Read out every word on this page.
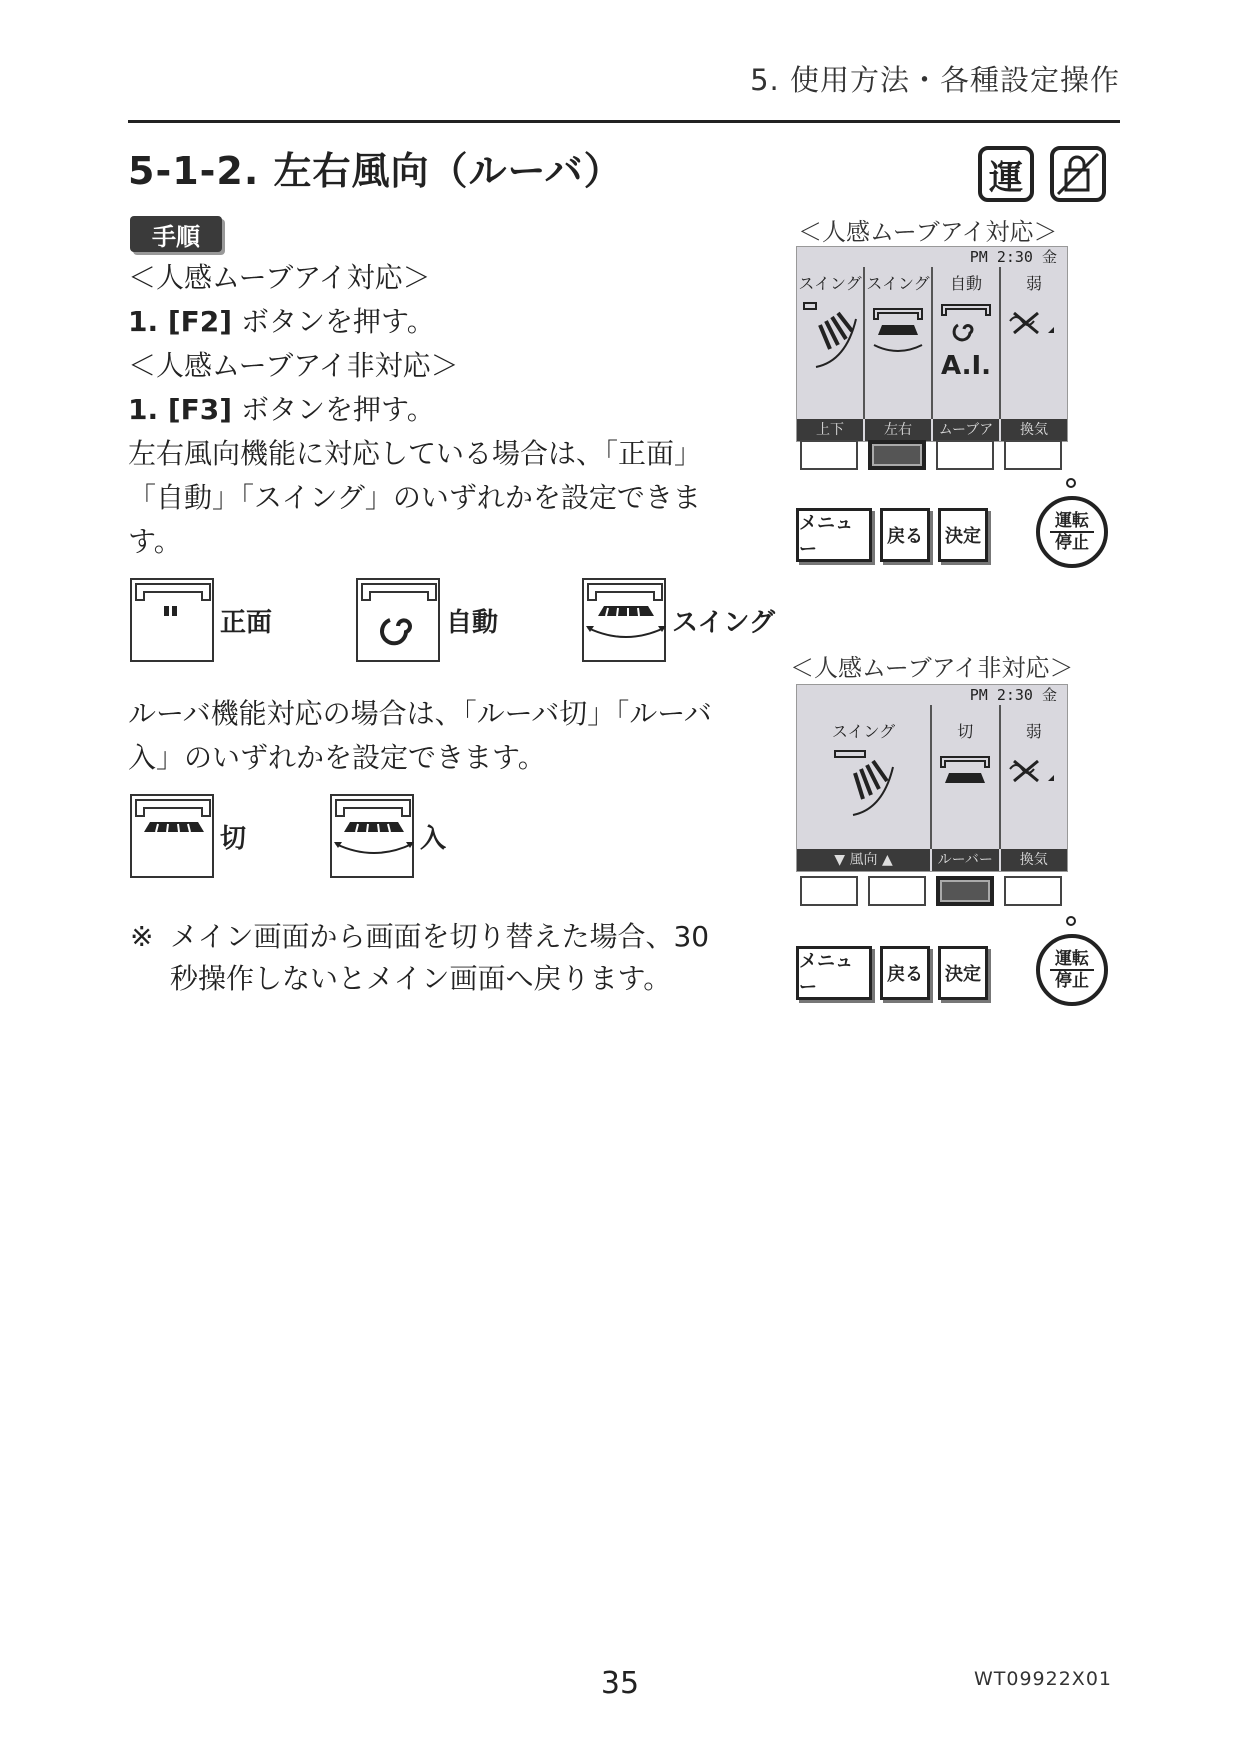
5. 使用方法・各種設定操作
5-1-2. 左右風向（ルーバ）	運
手順
＜人感ムーブアイ対応＞
1. [F2] ボタンを押す。
＜人感ムーブアイ非対応＞
1. [F3] ボタンを押す。
左右風向機能に対応している場合は、「正面」「自動」「スイング」のいずれかを設定できます。
正面	自動	スイング
ルーバ機能対応の場合は、「ルーバ切」「ルーバ入」のいずれかを設定できます。
切	入
※ メイン画面から画面を切り替えた場合、30 秒操作しないとメイン画面へ戻ります。
＜人感ムーブアイ対応＞
PM 2:30 金
スイング スイング 自動
A.I.
弱
上下	左右	ムーブア	換気
メニュー
戻る	決定
運転
停止
＜人感ムーブアイ非対応＞
PM 2:30 金
スイング	切	弱
▼ 風向 ▲	ルーバー	換気
メニュー
戻る	決定
運転
停止
35	WT09922X01
